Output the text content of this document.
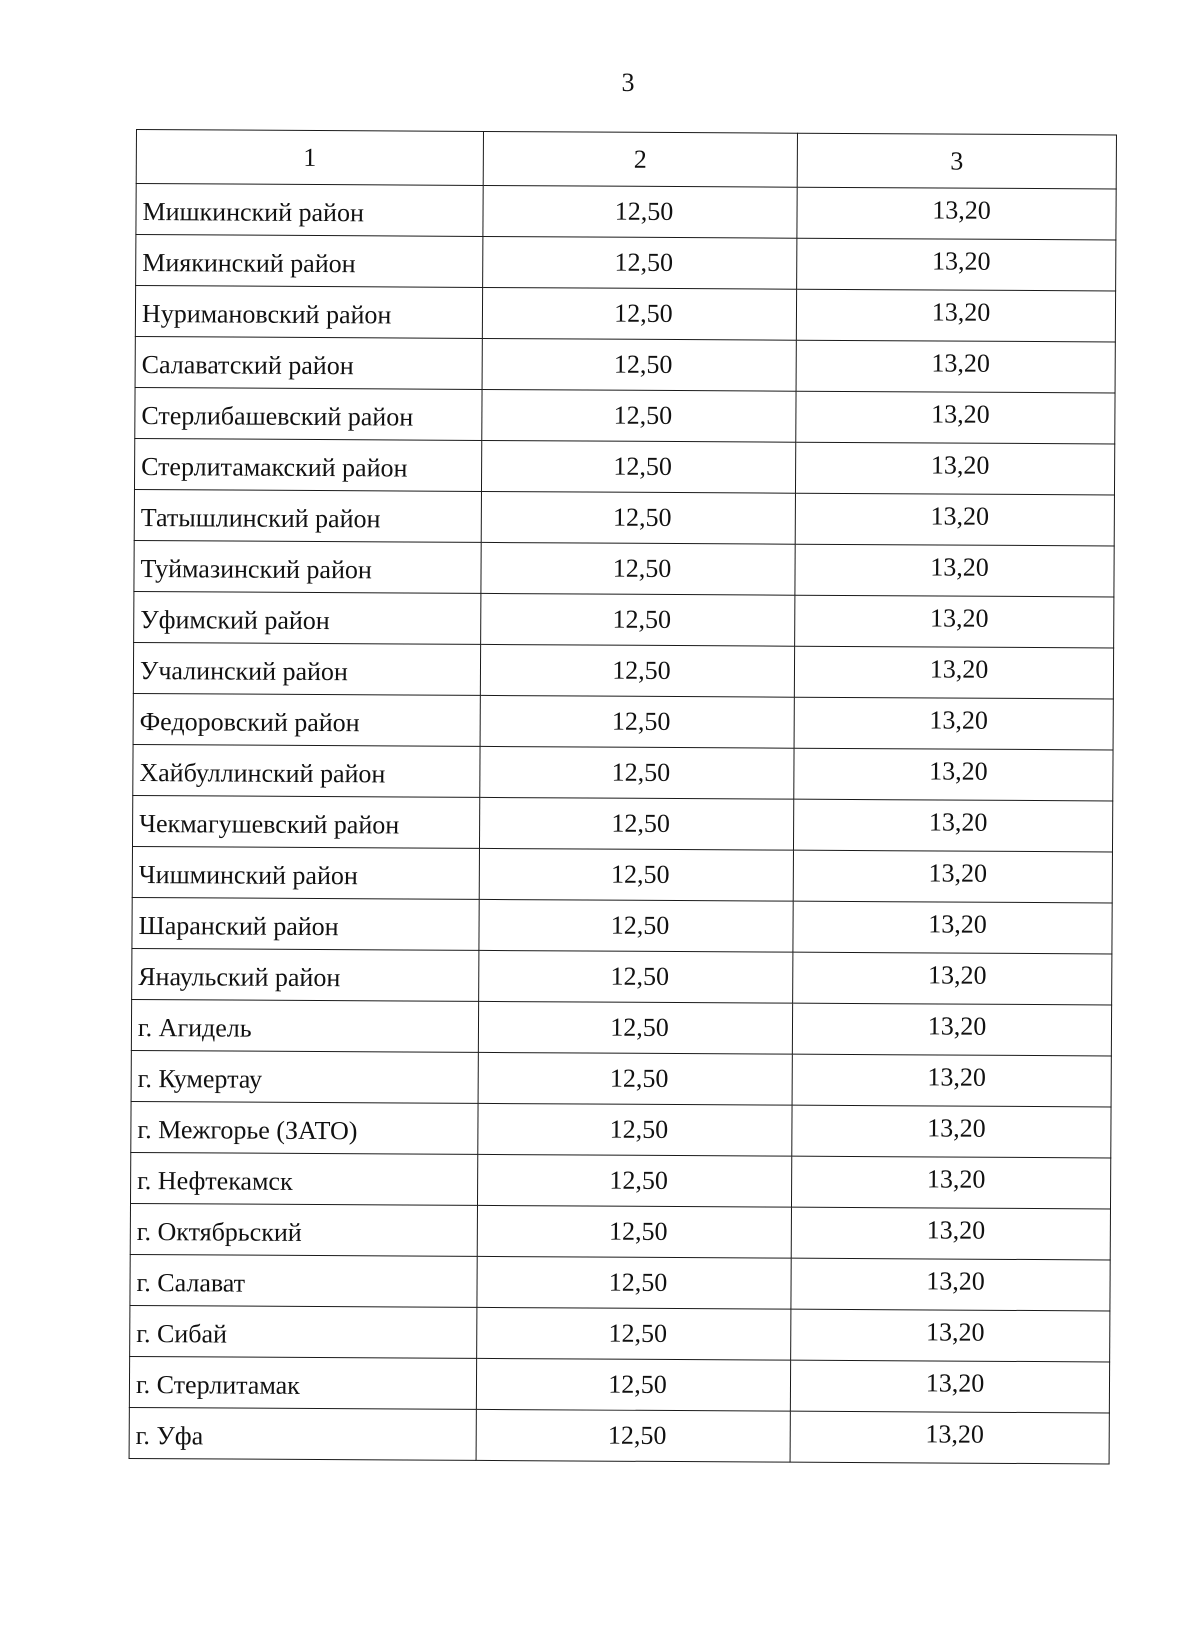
3
1	2	3
Мишкинский район	12,50	13,20
Миякинский район	12,50	13,20
Нуримановский район	12,50	13,20
Салаватский район	12,50	13,20
Стерлибашевский район	12,50	13,20
Стерлитамакский район	12,50	13,20
Татышлинский район	12,50	13,20
Туймазинский район	12,50	13,20
Уфимский район	12,50	13,20
Учалинский район	12,50	13,20
Федоровский район	12,50	13,20
Хайбуллинский район	12,50	13,20
Чекмагушевский район	12,50	13,20
Чишминский район	12,50	13,20
Шаранский район	12,50	13,20
Янаульский район	12,50	13,20
г. Агидель	12,50	13,20
г. Кумертау	12,50	13,20
г. Межгорье (ЗАТО)	12,50	13,20
г. Нефтекамск	12,50	13,20
г. Октябрьский	12,50	13,20
г. Салават	12,50	13,20
г. Сибай	12,50	13,20
г. Стерлитамак	12,50	13,20
г. Уфа	12,50	13,20
